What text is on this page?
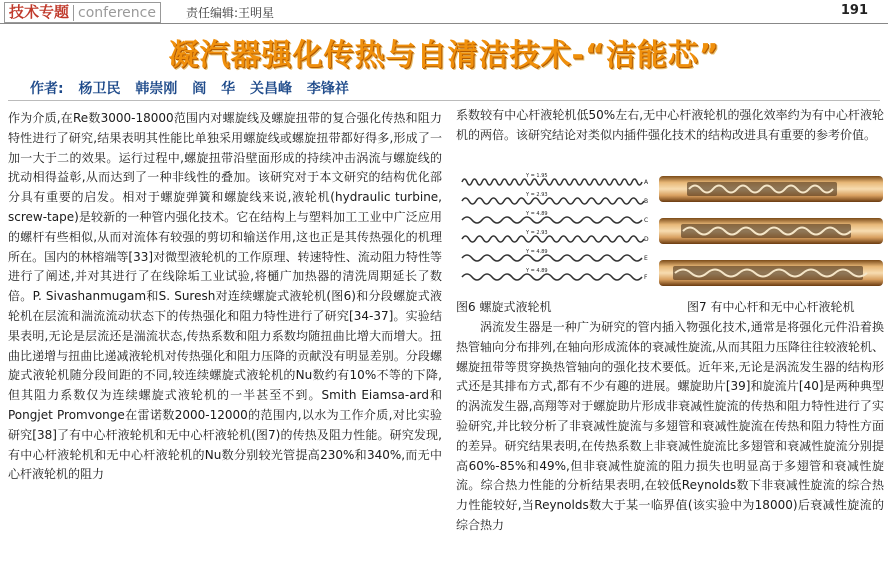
技术专题 conference	责任编辑:王明星	191
凝汽器强化传热与自清洁技术-“洁能芯”
作者: 杨卫民 韩崇刚 阎 华 关昌峰 李锋祥

作为介质,在Re数3000-18000范围内对螺旋线及螺旋扭带的复合强化传热和阻力特性进行了研究,结果表明其性能比单独采用螺旋线或螺旋扭带都好得多,形成了一加一大于二的效果。运行过程中,螺旋扭带沿壁面形成的持续冲击涡流与螺旋线的扰动相得益彰,从而达到了一种非线性的叠加。该研究对于本文研究的结构优化部分具有重要的启发。相对于螺旋弹簧和螺旋线来说,液轮机(hydraulic turbine, screw-tape)是较新的一种管内强化技术。它在结构上与塑料加工工业中广泛应用的螺杆有些相似,从而对流体有较强的剪切和输送作用,这也正是其传热强化的机理所在。国内的林榕端等[33]对微型液轮机的工作原理、转速特性、流动阻力特性等进行了阐述,并对其进行了在线除垢工业试验,将樋广加热器的清洗周期延长了数倍。P. Sivashanmugam和S. Suresh对连续螺旋式液轮机(图6)和分段螺旋式液轮机在层流和湍流流动状态下的传热强化和阻力特性进行了研究[34-37]。实验结果表明,无论是层流还是湍流状态,传热系数和阻力系数均随扭曲比增大而增大。扭曲比递增与扭曲比递减液轮机对传热强化和阻力压降的贡献没有明显差别。分段螺旋式液轮机随分段间距的不同,较连续螺旋式液轮机的Nu数约有10%不等的下降,但其阻力系数仅为连续螺旋式液轮机的一半甚至不到。Smith Eiamsa-ard和Pongjet Promvonge在雷诺数2000-12000的范围内,以水为工作介质,对比实验研究[38]了有中心杆液轮机和无中心杆液轮机(图7)的传热及阻力性能。研究发现,有中心杆液轮机和无中心杆液轮机的Nu数分别较光管提高230%和340%,而无中心杆液轮机的阻力

系数较有中心杆液轮机低50%左右,无中心杆液轮机的强化效率约为有中心杆液轮机的两倍。该研究结论对类似内插件强化技术的结构改进具有重要的参考价值。

Y = 1.95
A
Y = 2.93
B
Y = 4.89
C
Y = 2.93
D
Y = 4.89
E
Y = 4.89
F
图6 螺旋式液轮机	图7 有中心杆和无中心杆液轮机

涡流发生器是一种广为研究的管内插入物强化技术,通常是将强化元件沿着换热管轴向分布排列,在轴向形成流体的衰减性旋流,从而其阻力压降往往较液轮机、螺旋扭带等贯穿换热管轴向的强化技术要低。近年来,无论是涡流发生器的结构形式还是其排布方式,都有不少有趣的进展。螺旋助片[39]和旋流片[40]是两种典型的涡流发生器,高翔等对于螺旋助片形成非衰减性旋流的传热和阻力特性进行了实验研究,并比较分析了非衰减性旋流与多翅管和衰减性旋流在传热和阻力特性方面的差异。研究结果表明,在传热系数上非衰减性旋流比多翅管和衰减性旋流分别提高60%-85%和49%,但非衰减性旋流的阻力损失也明显高于多翅管和衰减性旋流。综合热力性能的分析结果表明,在较低Reynolds数下非衰减性旋流的综合热力性能较好,当Reynolds数大于某一临界值(该实验中为18000)后衰减性旋流的综合热力
